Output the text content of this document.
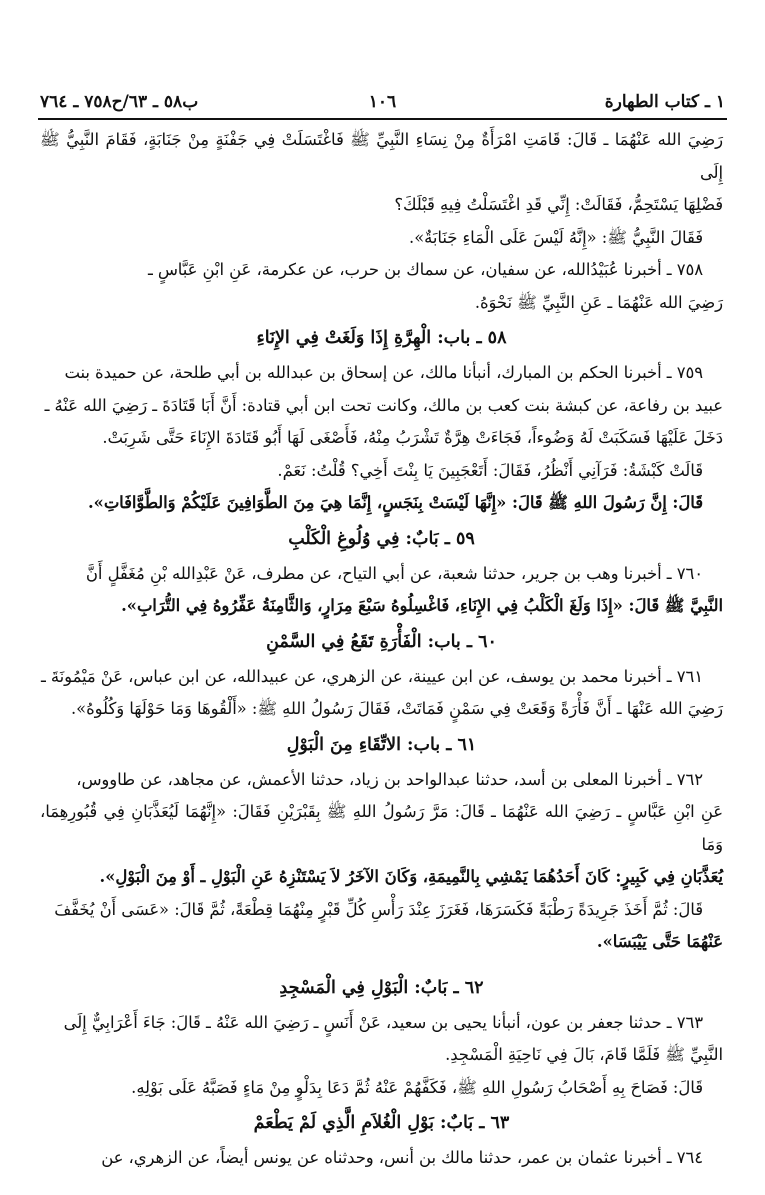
١ ـ كتاب الطهارة
١٠٦
ب٥٨ ـ ٦٣/ح٧٥٨ ـ ٧٦٤

رَضِيَ الله عَنْهُمَا ـ قَالَ: قَامَتِ امْرَأَةٌ مِنْ نِسَاءِ النَّبِيِّ ﷺ فَاغْتَسَلَتْ فِي جَفْنَةٍ مِنْ جَنَابَةٍ، فَقَامَ النَّبِيُّ ﷺ إِلَى

فَضْلِهَا يَسْتَحِمُّ، فَقَالَتْ: إِنِّي قَدِ اغْتَسَلْتُ فِيهِ قَبْلَكَ؟

فَقَالَ النَّبِيُّ ﷺ: «إِنَّهُ لَيْسَ عَلَى الْمَاءِ جَنَابَةٌ».

٧٥٨ ـ أخبرنا عُبَيْدُالله، عن سفيان، عن سماك بن حرب، عن عكرمة، عَنِ ابْنِ عَبَّاسٍ ـ

رَضِيَ الله عَنْهُمَا ـ عَنِ النَّبِيِّ ﷺ نَحْوَهُ.

٥٨ ـ باب: الْهِرَّةِ إِذَا وَلَغَتْ فِي الإِنَاءِ

٧٥٩ ـ أخبرنا الحكم بن المبارك، أنبأنا مالك، عن إسحاق بن عبدالله بن أبي طلحة، عن حميدة بنت

عبيد بن رفاعة، عن كبشة بنت كعب بن مالك، وكانت تحت ابن أبي قتادة: أَنَّ أَبَا قَتَادَةَ ـ رَضِيَ الله عَنْهُ ـ

دَخَلَ عَلَيْهَا فَسَكَبَتْ لَهُ وَضُوءاً، فَجَاءَتْ هِرَّةٌ تَشْرَبُ مِنْهُ، فَأَصْغَى لَهَا أَبُو قَتَادَةَ الإِنَاءَ حَتَّى شَرِبَتْ.

قَالَتْ كَبْشَةُ: فَرَآنِي أَنْظُرُ، فَقَالَ: أَتَعْجَبِينَ يَا بِنْتَ أَخِي؟ قُلْتُ: نَعَمْ.

قَالَ: إِنَّ رَسُولَ اللهِ ﷺ قَالَ: «إِنَّهَا لَيْسَتْ بِنَجَسٍ، إِنَّمَا هِيَ مِنَ الطَّوَافِينَ عَلَيْكُمْ وَالطَّوَّافَاتِ».

٥٩ ـ بَابٌ: فِي وُلُوغِ الْكَلْبِ

٧٦٠ ـ أخبرنا وهب بن جرير، حدثنا شعبة، عن أبي التياح، عن مطرف، عَنْ عَبْدِالله بْنِ مُغَفَّلٍ أَنَّ

النَّبِيَّ ﷺ قَالَ: «إِذَا وَلَغَ الْكَلْبُ فِي الإِنَاءِ، فَاغْسِلُوهُ سَبْعَ مِرَارٍ، وَالثَّامِنَةُ عَفِّرُوهُ فِي التُّرَابِ».

٦٠ ـ باب: الْفَأْرَةِ تَقَعُ فِي السَّمْنِ

٧٦١ ـ أخبرنا محمد بن يوسف، عن ابن عيينة، عن الزهري، عن عبيدالله، عن ابن عباس، عَنْ مَيْمُونَةَ ـ

رَضِيَ الله عَنْهَا ـ أَنَّ فَأْرَةً وَقَعَتْ فِي سَمْنٍ فَمَاتَتْ، فَقَالَ رَسُولُ اللهِ ﷺ: «أَلْقُوهَا وَمَا حَوْلَهَا وَكُلُوهُ».

٦١ ـ باب: الاتِّقَاءِ مِنَ الْبَوْلِ

٧٦٢ ـ أخبرنا المعلى بن أسد، حدثنا عبدالواحد بن زياد، حدثنا الأعمش، عن مجاهد، عن طاووس،

عَنِ ابْنِ عَبَّاسٍ ـ رَضِيَ الله عَنْهُمَا ـ قَالَ: مَرَّ رَسُولُ اللهِ ﷺ بِقَبْرَيْنِ فَقَالَ: «إِنَّهُمَا لَيُعَذَّبَانِ فِي قُبُورِهِمَا، وَمَا

يُعَذَّبَانِ فِي كَبِيرٍ: كَانَ أَحَدُهُمَا يَمْشِي بِالنَّمِيمَةِ، وَكَانَ الآخَرُ لاَ يَسْتَنْزِهُ عَنِ الْبَوْلِ ـ أَوْ مِنَ الْبَوْلِ».

قَالَ: ثُمَّ أَخَذَ جَرِيدَةً رَطْبَةً فَكَسَرَهَا، فَغَرَزَ عِنْدَ رَأْسِ كُلِّ قَبْرٍ مِنْهُمَا قِطْعَةً، ثُمَّ قَالَ: «عَسَى أَنْ يُخَفَّفَ

عَنْهُمَا حَتَّى يَيْبَسَا».

٦٢ ـ بَابٌ: الْبَوْلِ فِي الْمَسْجِدِ

٧٦٣ ـ حدثنا جعفر بن عون، أنبأنا يحيى بن سعيد، عَنْ أَنَسٍ ـ رَضِيَ الله عَنْهُ ـ قَالَ: جَاءَ أَعْرَابِيٌّ إِلَى

النَّبِيِّ ﷺ فَلَمَّا قَامَ، بَالَ فِي نَاحِيَةِ الْمَسْجِدِ.

قَالَ: فَصَاحَ بِهِ أَصْحَابُ رَسُولِ اللهِ ﷺ، فَكَفَّهُمْ عَنْهُ ثُمَّ دَعَا بِدَلْوٍ مِنْ مَاءٍ فَصَبَّهُ عَلَى بَوْلِهِ.

٦٣ ـ بَابٌ: بَوْلِ الْغُلاَمِ الَّذِي لَمْ يَطْعَمْ

٧٦٤ ـ أخبرنا عثمان بن عمر، حدثنا مالك بن أنس، وحدثناه عن يونس أيضاً، عن الزهري، عن
